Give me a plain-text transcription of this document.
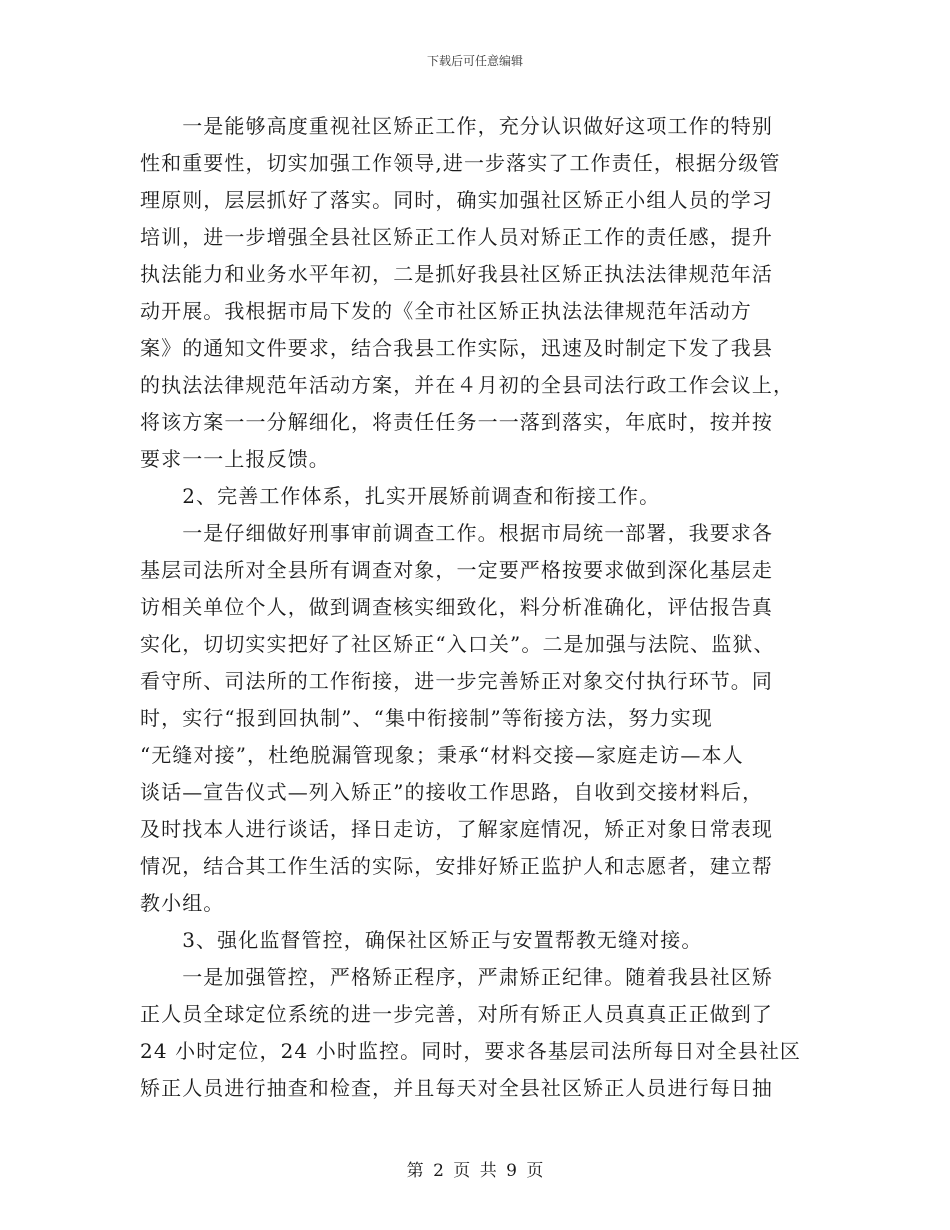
下载后可任意编辑
　　一是能够高度重视社区矫正工作，充分认识做好这项工作的特别
性和重要性，切实加强工作领导,进一步落实了工作责任，根据分级管
理原则，层层抓好了落实。同时，确实加强社区矫正小组人员的学习
培训，进一步增强全县社区矫正工作人员对矫正工作的责任感，提升
执法能力和业务水平年初，二是抓好我县社区矫正执法法律规范年活
动开展。我根据市局下发的《全市社区矫正执法法律规范年活动方
案》的通知文件要求，结合我县工作实际，迅速及时制定下发了我县
的执法法律规范年活动方案，并在４月初的全县司法行政工作会议上，
将该方案一一分解细化，将责任任务一一落到落实，年底时，按并按
要求一一上报反馈。
　　2、完善工作体系，扎实开展矫前调查和衔接工作。
　　一是仔细做好刑事审前调查工作。根据市局统一部署，我要求各
基层司法所对全县所有调查对象，一定要严格按要求做到深化基层走
访相关单位个人，做到调查核实细致化，料分析准确化，评估报告真
实化，切切实实把好了社区矫正“入口关”。二是加强与法院、监狱、
看守所、司法所的工作衔接，进一步完善矫正对象交付执行环节。同
时，实行“报到回执制”、“集中衔接制”等衔接方法，努力实现
“无缝对接”，杜绝脱漏管现象；秉承“材料交接—家庭走访—本人
谈话—宣告仪式—列入矫正”的接收工作思路，自收到交接材料后，
及时找本人进行谈话，择日走访，了解家庭情况，矫正对象日常表现
情况，结合其工作生活的实际，安排好矫正监护人和志愿者，建立帮
教小组。
　　3、强化监督管控，确保社区矫正与安置帮教无缝对接。
　　一是加强管控，严格矫正程序，严肃矫正纪律。随着我县社区矫
正人员全球定位系统的进一步完善，对所有矫正人员真真正正做到了
24 小时定位，24 小时监控。同时，要求各基层司法所每日对全县社区
矫正人员进行抽查和检查，并且每天对全县社区矫正人员进行每日抽
第 2 页 共 9 页
